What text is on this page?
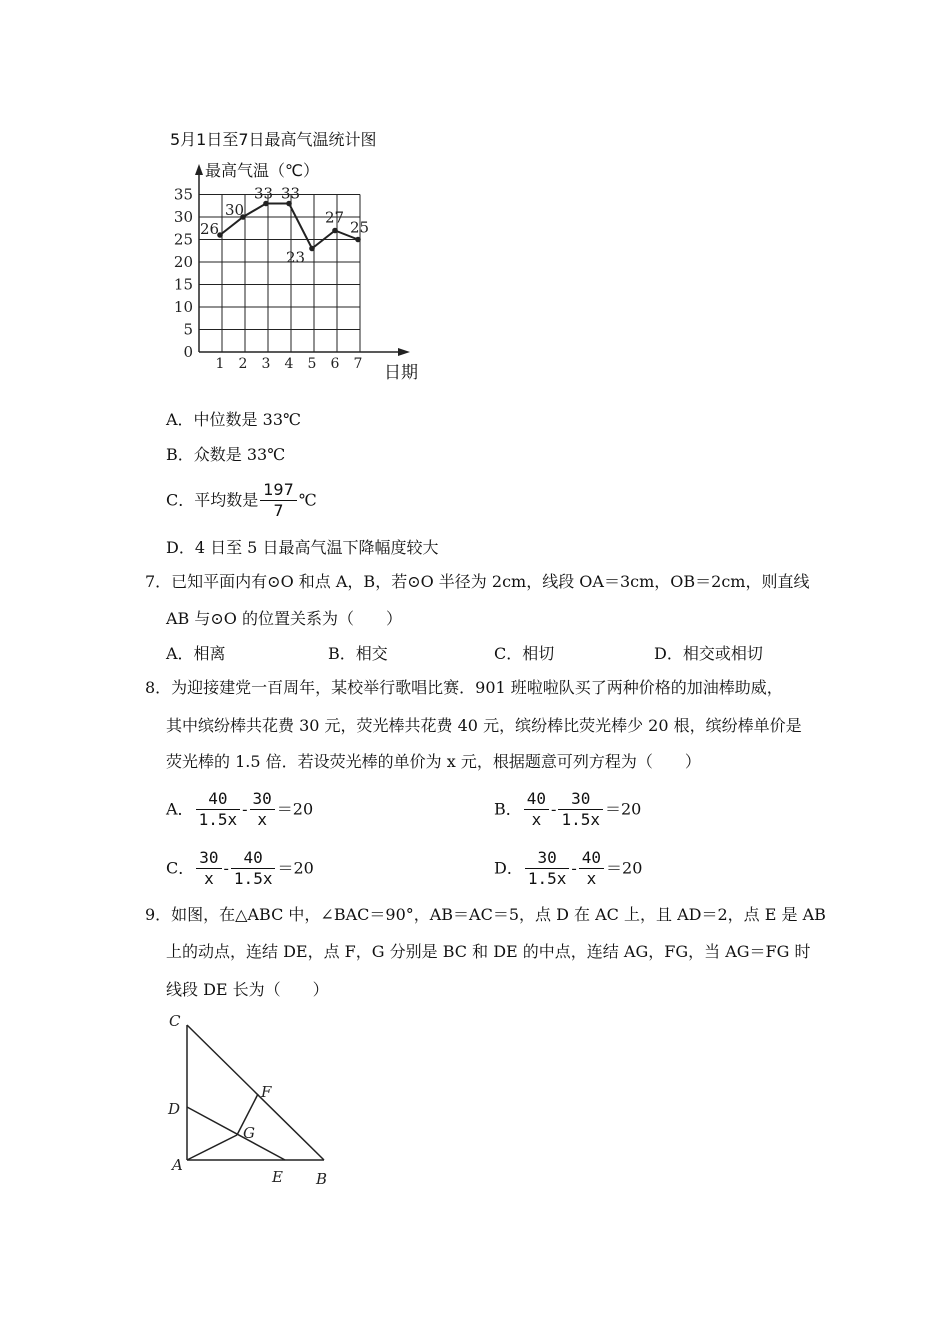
5月1日至7日最高气温统计图
最高气温（℃）
日期
0
5
10
15
20
25
30
35
1 2 3 4 5 6 7
26
30
33 33
23
27
25
A．中位数是 33℃
B．众数是 33℃
C．平均数是 $\frac{197}{7}$ ℃
D．4 日至 5 日最高气温下降幅度较大
7．已知平面内有⊙O 和点 A，B，若⊙O 半径为 2cm，线段 OA＝3cm，OB＝2cm，则直线
AB 与⊙O 的位置关系为（　　）
A．相离	B．相交	C．相切	D．相交或相切
8．为迎接建党一百周年，某校举行歌唱比赛．901 班啦啦队买了两种价格的加油棒助威，
其中缤纷棒共花费 30 元，荧光棒共花费 40 元，缤纷棒比荧光棒少 20 根，缤纷棒单价是
荧光棒的 1.5 倍．若设荧光棒的单价为 x 元，根据题意可列方程为（　　）
A． $\frac{40}{1.5x} - \frac{30}{x} =20$	B． $\frac{40}{x} - \frac{30}{1.5x} =20$
C． $\frac{30}{x} - \frac{40}{1.5x} =20$	D． $\frac{30}{1.5x} - \frac{40}{x} =20$
9．如图，在△ABC 中，∠BAC＝90°，AB＝AC＝5，点 D 在 AC 上，且 AD＝2，点 E 是 AB
上的动点，连结 DE，点 F，G 分别是 BC 和 DE 的中点，连结 AG，FG，当 AG＝FG 时
线段 DE 长为（　　）
C
D
A
E B
F
G
